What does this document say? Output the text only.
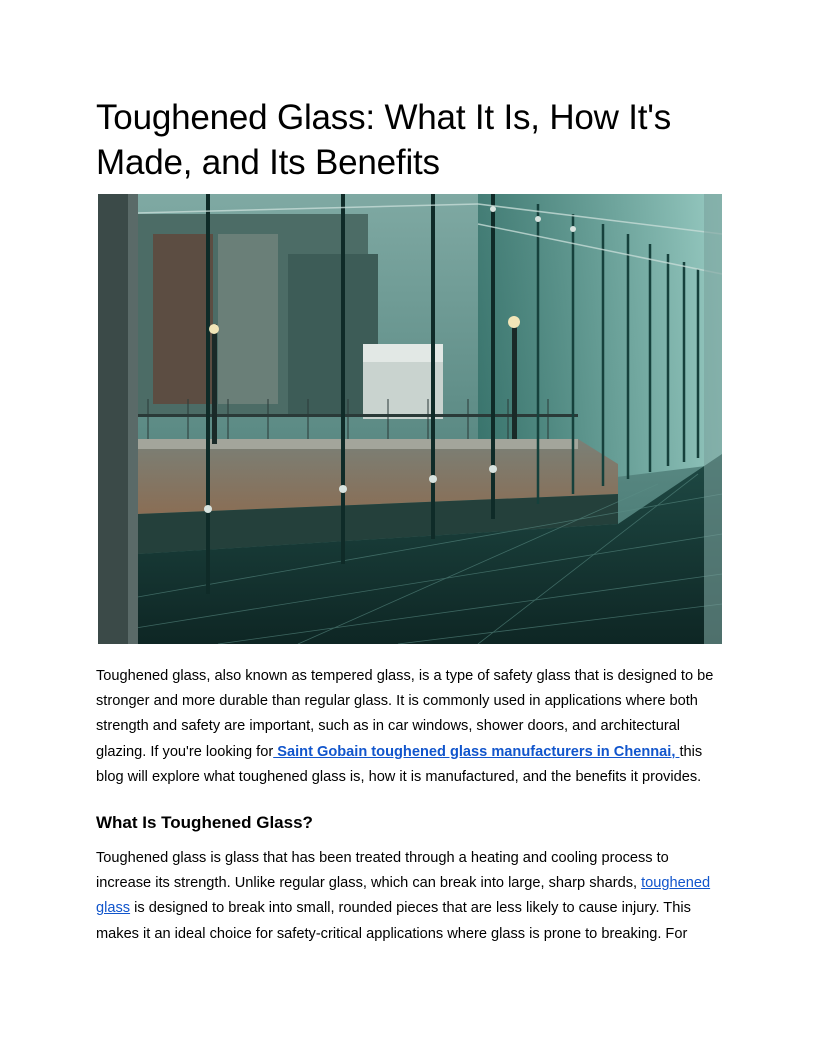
Toughened Glass: What It Is, How It's Made, and Its Benefits

Toughened glass, also known as tempered glass, is a type of safety glass that is designed to be stronger and more durable than regular glass. It is commonly used in applications where both strength and safety are important, such as in car windows, shower doors, and architectural glazing. If you're looking for Saint Gobain toughened glass manufacturers in Chennai, this blog will explore what toughened glass is, how it is manufactured, and the benefits it provides.

What Is Toughened Glass?

Toughened glass is glass that has been treated through a heating and cooling process to increase its strength. Unlike regular glass, which can break into large, sharp shards, toughened glass is designed to break into small, rounded pieces that are less likely to cause injury. This makes it an ideal choice for safety-critical applications where glass is prone to breaking. For
